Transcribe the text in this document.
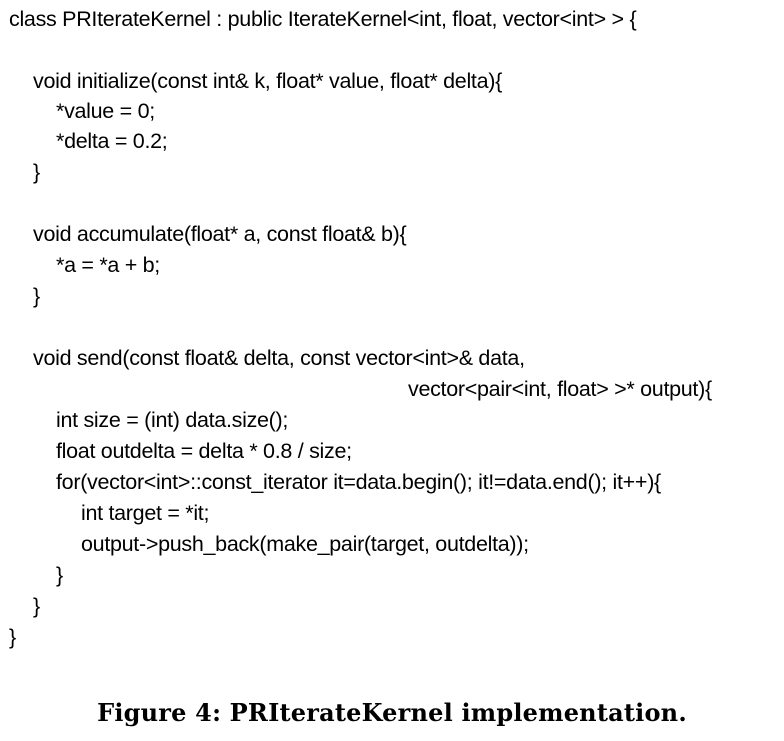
class PRIterateKernel : public IterateKernel<int, float, vector<int> > {
void initialize(const int& k, float* value, float* delta){
*value = 0;
*delta = 0.2;
}
void accumulate(float* a, const float& b){
*a = *a + b;
}
void send(const float& delta, const vector<int>& data,
vector<pair<int, float> >* output){
int size = (int) data.size();
float outdelta = delta * 0.8 / size;
for(vector<int>::const_iterator it=data.begin(); it!=data.end(); it++){
int target = *it;
output->push_back(make_pair(target, outdelta));
}
}
}
Figure 4: PRIterateKernel implementation.
